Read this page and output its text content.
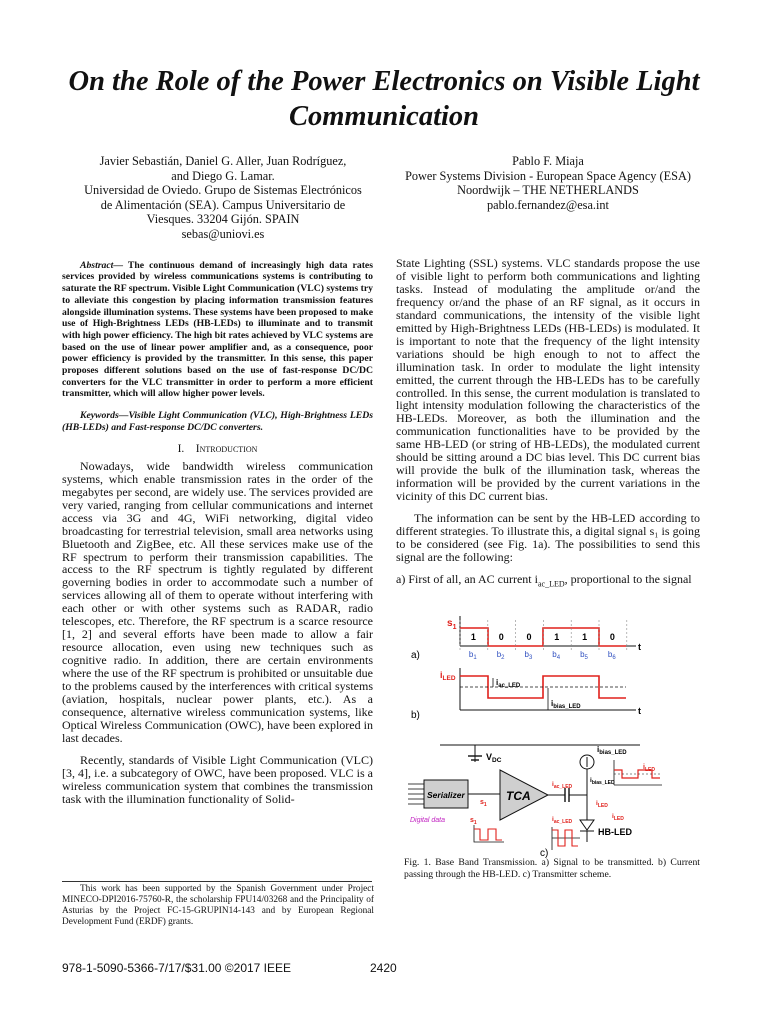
On the Role of the Power Electronics on Visible Light Communication
Javier Sebastián, Daniel G. Aller, Juan Rodríguez,
and Diego G. Lamar.
Universidad de Oviedo. Grupo de Sistemas Electrónicos
de Alimentación (SEA). Campus Universitario de
Viesques. 33204 Gijón. SPAIN
sebas@uniovi.es
Pablo F. Miaja
Power Systems Division - European Space Agency (ESA)
Noordwijk – THE NETHERLANDS
pablo.fernandez@esa.int

Abstract— The continuous demand of increasingly high data rates services provided by wireless communications systems is contributing to saturate the RF spectrum. Visible Light Communication (VLC) systems try to alleviate this congestion by placing information transmission features alongside illumination systems. These systems have been proposed to make use of High-Brightness LEDs (HB-LEDs) to illuminate and to transmit with high power efficiency. The high bit rates achieved by VLC systems are based on the use of linear power amplifier and, as a consequence, poor power efficiency is provided by the transmitter. In this sense, this paper proposes different solutions based on the use of fast-response DC/DC converters for the VLC transmitter in order to perform a more efficient transmitter, which will allow higher power levels.

Keywords—Visible Light Communication (VLC), High-Brightness LEDs (HB-LEDs) and Fast-response DC/DC converters.

I. Introduction

Nowadays, wide bandwidth wireless communication systems, which enable transmission rates in the order of the megabytes per second, are widely use. The services provided are very varied, ranging from cellular communications and internet access via 3G and 4G, WiFi networking, digital video broadcasting for terrestrial television, small area networks using Bluetooth and ZigBee, etc. All these services make use of the RF spectrum to perform their transmission capabilities. The access to the RF spectrum is tightly regulated by different governing bodies in order to accommodate such a number of services allowing all of them to operate without interfering with each other or with other systems such as RADAR, radio telescopes, etc. Therefore, the RF spectrum is a scarce resource [1, 2] and several efforts have been made to allow a fair resource allocation, even using new techniques such as cognitive radio. In addition, there are certain environments where the use of the RF spectrum is prohibited or unsuitable due to the problems caused by the interferences with critical systems (aviation, hospitals, nuclear power plants, etc.). As a consequence, alternative wireless communication systems, like Optical Wireless Communication (OWC), have been explored in last decades.

Recently, standards of Visible Light Communication (VLC) [3, 4], i.e. a subcategory of OWC, have been proposed. VLC is a wireless communication system that combines the transmission task with the illumination functionality of Solid-

State Lighting (SSL) systems. VLC standards propose the use of visible light to perform both communications and lighting tasks. Instead of modulating the amplitude or/and the frequency or/and the phase of an RF signal, as it occurs in standard communications, the intensity of the visible light emitted by High-Brightness LEDs (HB-LEDs) is modulated. It is important to note that the frequency of the light intensity variations should be high enough to not to affect the illumination task. In order to modulate the light intensity emitted, the current through the HB-LEDs has to be carefully controlled. In this sense, the current modulation is translated to light intensity modulation following the characteristics of the HB-LEDs. Moreover, as both the illumination and the communication functionalities have to be provided by the same HB-LED (or string of HB-LEDs), the modulated current should be sitting around a DC bias level. This DC current bias will provide the bulk of the illumination task, whereas the information will be provided by the current variations in the vicinity of this DC current bias.

The information can be sent by the HB-LED according to different strategies. To illustrate this, a digital signal s₁ is going to be considered (see Fig. 1a). The possibilities to send this signal are the following:

a) First of all, an AC current $i_{ac\_LED}$, proportional to the signal

a)
$s_1$
1
$b_1$
0
$b_2$
0
$b_3$
1
$b_4$
1
$b_5$
0
$b_6$
t
b)
$i_{LED}$	$i_{ac\_LED}$
$i_{bias\_LED}$	t
$V_{DC}$
$i_{bias\_LED}$
Serializer
Digital data
$s_1$
TCA
$i_{ac\_LED}$
$i_{bias\_LED}$
$i_{LED}$
HB-LED
$i_{LED}$
$s_1$	$i_{ac\_LED}$
$i_{LED}$
c)
Fig. 1. Base Band Transmission. a) Signal to be transmitted. b) Current passing through the HB-LED. c) Transmitter scheme.
This work has been supported by the Spanish Government under Project MINECO-DPI2016-75760-R, the scholarship FPU14/03268 and the Principality of Asturias by the Project FC-15-GRUPIN14-143 and by European Regional Development Fund (ERDF) grants.
978-1-5090-5366-7/17/$31.00 ©2017 IEEE	2420
